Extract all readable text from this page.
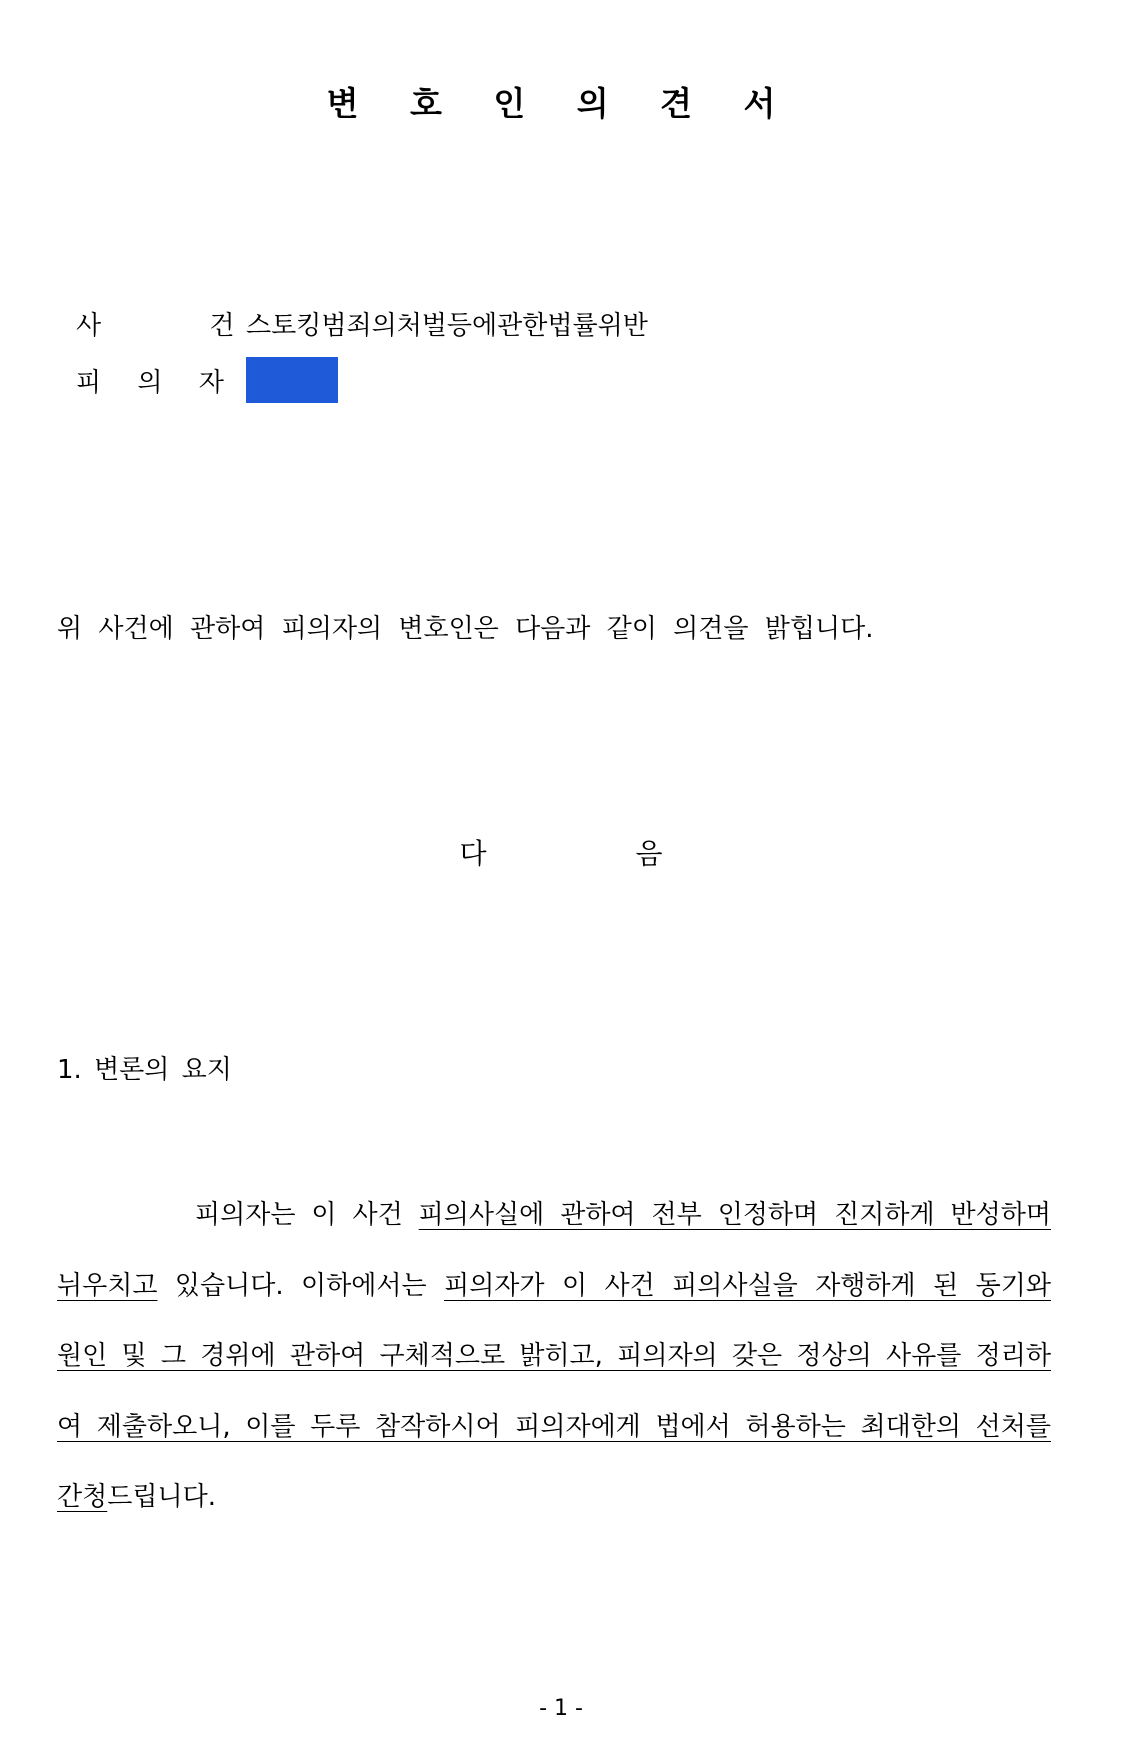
변 호 인 의 견 서
사 건
스토킹범죄의처벌등에관한법률위반
피 의 자
위 사건에 관하여 피의자의 변호인은 다음과 같이 의견을 밝힙니다.
다 음
1. 변론의 요지
피의자는 이 사건 피의사실에 관하여 전부 인정하며 진지하게 반성하며 뉘우치고 있습니다. 이하에서는 피의자가 이 사건 피의사실을 자행하게 된 동기와 원인 및 그 경위에 관하여 구체적으로 밝히고, 피의자의 갖은 정상의 사유를 정리하여 제출하오니, 이를 두루 참작하시어 피의자에게 법에서 허용하는 최대한의 선처를 간청드립니다.
- 1 -
